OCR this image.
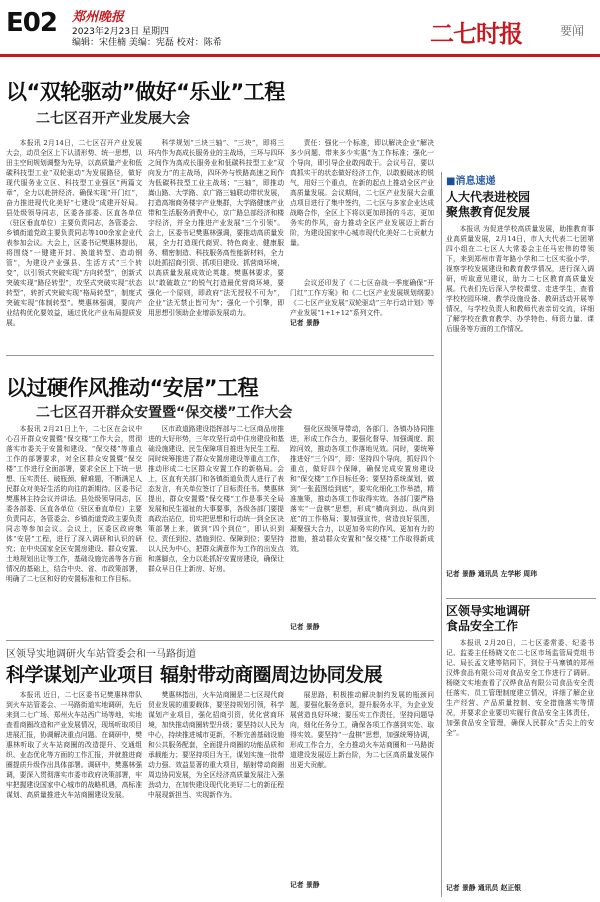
E02 郑州晚报
2023年2月23日 星期四
编辑：宋佳楠 美编：宪磊 校对：陈希	二七时报	要闻
以“双轮驱动”做好“乐业”工程
二七区召开产业发展大会

本报讯 2月14日，二七区召开产业发展大会，动员全区上下认清形势、统一思想，以田主空间规划调整为先导，以高质量产业和低碳科技型工业“双轮驱动”为发展路径，做好现代服务业立区、科技型工业强区“两篇文章”，全力以赴拼经济、确保实现“开门红”，奋力推进现代化美好“七建设”成建开好局。县处级领导同志，区委各部委、区直各单位（驻区垂直单位）主要负责同志，各管委会、乡镇街道党政主要负责同志等100余家企业代表参加会议。大会上，区委书记樊惠林提出，将围绕“一键建开封、换道转型、造动钢管”，为建设产业强县、生活方式“三个转变”，以引领式突破实现“方向转型”，创新式突破实现“路径转型”，攻坚式突破实现“状态转型”，转折式突破实现“格局转型”，制度式突破实现“体制转型”。樊惠林强调，要向产业结构优化要效益，通过优化产业布局提质发展。

科学规划“三块三轴”、“三块”，即将三环内作为高成长服务业的主战场，三环与四环之间作为高成长服务业和低碳科技型工业“双向发力”的主战场，四环外与铁路高速之间作为低碳科技型工业主战场；“三轴”，即推动嵩山路、大学路、京广路三轴联动带状发展，打造高端商务楼宇产业集群，大学路健康产业带和生活服务消费中心，京广路总部经济和楼宇经济，并全力推进产业发展“三个引领”。会上，区委书记樊惠林强调，要推动高质量发展，全力打造现代商贸、特色商业、健康服务、精密制造、科技服务高性能新材料，全力以赴抓招商引资、抓项目建设、抓营商环境，以高质量发展成效论英雄。樊惠林要求，要以“敢破敢立”的锐气打造最优营商环境，要强化一个原则，即政府“法无授权不可为”，企业“法无禁止皆可为”；强化一个引擎，即用思想引领助企业增添发展动力。

责任：强化一个标准，即以解决企业“解决多少问题、带来多少实惠”为工作标准；强化一个导向，即引导企业敢闯敢干。会议号召，要以真抓实干的状态做好经济工作，以敢毅破冰的锐气，用好三个重点，在新的起点上推动全区产业高质量发展。会议期间，二七区产业发展大会重点项目进行了集中签约，二七区与多家企业达成战略合作，全区上下将以更加昂扬的斗志，更加务实的作风，奋力推动全区产业发展迈上新台阶，为建设国家中心城市现代化美好二七贡献力量。

会议还印发了《二七区奋战一季度确保“开门红”工作方案》和《二七区产业发展规划纲要》《二七区产业发展“双轮驱动”三年行动计划》等产业发展“1+1+12”系列文件。

记者 景静
以过硬作风推动“安居”工程
二七区召开群众安置暨“保交楼”工作大会

本报讯 2月21日上午，二七区在会议中心召开群众安置暨“保交楼”工作大会，贯彻落实市委关于安置和建设、“保交楼”等重点工作的部署要求，对全区群众安置暨“保交楼”工作进行全面部署，要求全区上下统一思想、压实责任、破瓶颈、解难题，不断满足人民群众对美好生活的向往的新期待。区委书记樊惠林主持会议并讲话。县处级领导同志，区委各部委、区直各单位（驻区垂直单位）主要负责同志，各管委会、乡镇街道党政主要负责同志等参加会议。会议上，区委区政府集体“安居”工程，进行了深入调研和认识的研究；在中央国家全区安置房建设、群众安置、土地规划出让等工作，基础设施完善等各方面情况的基础上，结合中央、省、市政策部署，明确了二七区和好的安置标准和工作目标。

区市政道路建设指挥部与二七区商品房推进的大好形势，三年攻坚行动中住房建设和基础设施建设、民生保障项目推进为民生工程、同时统筹推进了群众安置房建设等重点工作，推动形成二七区群众安置工作的新格局。会上，区直有关部门和各镇街道负责人进行了表态发言，有关单位签订了目标责任书。樊惠林提出，群众安置暨“保交楼”工作是事关全局发展和民生福祉的大事要事，各级各部门要提高政治站位，切实把思想和行动统一到全区决策部署上来，做到“四个到位”，即认识到位、责任到位、措施到位、保障到位；要坚持以人民为中心，把群众满意作为工作的出发点和落脚点，全力以赴抓好安置房建设，确保让群众早日住上新房、好房。

强化区级领导带动，各部门、各镇办协同推进，形成工作合力，要强化督导、加强调度、跟踪问效，推动各项工作落地见效。同时，要统筹推进好“三个四”，即：坚持四个导向，抓好四个重点，做好四个保障，确保完成安置房建设和“保交楼”工作目标任务；要坚持系统谋划，做到“一张蓝图绘到底”，要实化细化工作举措，精准施策，推动各项工作取得实效。各部门要严格落实“一盘棋”思想，形成“横向到边、纵向到底”的工作格局；要加强宣传，营造良好氛围，凝聚强大合力，以更加务实的作风、更加有力的措施，推动群众安置和“保交楼”工作取得新成效。

记者 景静
区领导实地调研火车站管委会和一马路街道
科学谋划产业项目 辐射带动商圈周边协同发展

本报讯 近日，二七区委书记樊惠林带队到火车站管委会、一马路街道实地调研，先后来到二七广场、郑州火车站西广场等地，实地查看商圈改造和产业发展情况，现场听取项目进展汇报，协调解决重点问题。在调研中，樊惠林听取了火车站商圈的改造提升、交通组织、业态优化等方面的工作汇报，并就推进商圈提质升级作出具体部署。调研中，樊惠林强调，要深入贯彻落实市委市政府决策部署，牢牢把握建设国家中心城市的战略机遇，高标准谋划、高质量推进火车站商圈建设发展。

樊惠林指出，火车站商圈是二七区现代商贸业发展的重要载体，要坚持规划引领，科学谋划产业项目，强化招商引资，优化营商环境，加快推动商圈转型升级；要坚持以人民为中心，持续推进城市更新，不断完善基础设施和公共服务配套，全面提升商圈的功能品质和承载能力；要坚持项目为王，谋划实施一批带动力强、效益显著的重大项目，辐射带动商圈周边协同发展，为全区经济高质量发展注入强劲动力，在加快建设现代化美好二七的新征程中展现新担当、实现新作为。

展思路，积极推动解决制约发展的瓶颈问题，要强化服务意识，提升服务水平，为企业发展营造良好环境；要压实工作责任，坚持问题导向，细化任务分工，确保各项工作落到实处、取得实效。要坚持“一盘棋”思想，加强统筹协调，形成工作合力，全力推动火车站商圈和一马路街道建设发展迈上新台阶，为二七区高质量发展作出更大贡献。

记者 景静
■消息速递
人大代表进校园
聚焦教育促发展

本报讯 为促进学校高质量发展，助推教育事业高质量发展，2月14日，市人大代表二七团第四小组在二七区人大常委会主任马宏伟的带领下，来到郑州市青年路小学和二七区实验小学，视察学校发展建设和教育教学情况，进行深入调研，听取意见建议，助力二七区教育高质量发展。代表们先后深入学校课堂、走进学生，查看学校校园环境、教学设施设备、教研活动开展等情况，与学校负责人和教师代表亲切交流，详细了解学校在教育教学、办学特色、师资力量、课后服务等方面的工作情况。

记者 景静 通讯员 左学彬 周玮
区领导实地调研
食品安全工作

本报讯 2月20日，二七区委常委、纪委书记、监委主任杨晓文在二七区市场监管局党组书记、局长孟文建等陪同下，到位于马寨镇的郑州汉烨食品有限公司对食品安全工作进行了调研。杨晓文实地查看了汉烨食品有限公司食品安全责任落实、员工管理制度建立情况，详细了解企业生产经营、产品质量控制、安全措施落实等情况，并要求企业要切实履行食品安全主体责任，加强食品安全管理，确保人民群众“舌尖上的安全”。

记者 景静 通讯员 赵正银
